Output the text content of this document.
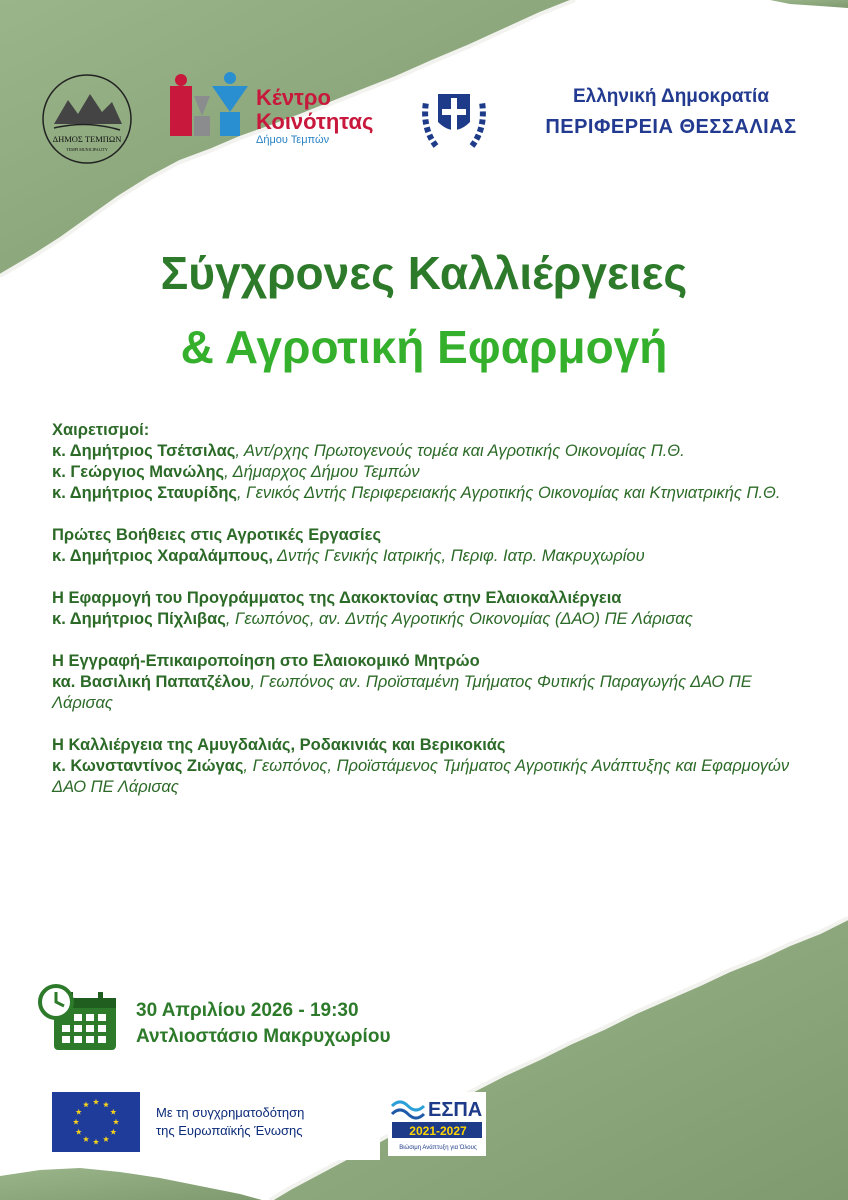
ΔΗΜΟΣ ΤΕΜΠΩΝ
TEMPI MUNICIPALITY
Κέντρο
Κοινότητας
Δήμου Τεμπών
Ελληνική Δημοκρατία
ΠΕΡΙΦΕΡΕΙΑ ΘΕΣΣΑΛΙΑΣ
Σύγχρονες Καλλιέργειες
& Αγροτική Εφαρμογή
Χαιρετισμοί:
κ. Δημήτριος Τσέτσιλας, Αντ/ρχης Πρωτογενούς τομέα και Αγροτικής Οικονομίας Π.Θ.
κ. Γεώργιος Μανώλης, Δήμαρχος Δήμου Τεμπών
κ. Δημήτριος Σταυρίδης, Γενικός Δντής Περιφερειακής Αγροτικής Οικονομίας και Κτηνιατρικής Π.Θ.
Πρώτες Βοήθειες στις Αγροτικές Εργασίες
κ. Δημήτριος Χαραλάμπους, Δντής Γενικής Ιατρικής, Περιφ. Ιατρ. Μακρυχωρίου
Η Εφαρμογή του Προγράμματος της Δακοκτονίας στην Ελαιοκαλλιέργεια
κ. Δημήτριος Πίχλιβας, Γεωπόνος, αν. Δντής Αγροτικής Οικονομίας (ΔΑΟ) ΠΕ Λάρισας
Η Εγγραφή-Επικαιροποίηση στο Ελαιοκομικό Μητρώο
κα. Βασιλική Παπατζέλου, Γεωπόνος αν. Προϊσταμένη Τμήματος Φυτικής Παραγωγής ΔΑΟ ΠΕ Λάρισας
Η Καλλιέργεια της Αμυγδαλιάς, Ροδακινιάς και Βερικοκιάς
κ. Κωνσταντίνος Ζιώγας, Γεωπόνος, Προϊστάμενος Τμήματος Αγροτικής Ανάπτυξης και Εφαρμογών ΔΑΟ ΠΕ Λάρισας
30 Απριλίου 2026 - 19:30
Αντλιοστάσιο Μακρυχωρίου
Με τη συγχρηματοδότηση
της Ευρωπαϊκής Ένωσης
ΕΣΠΑ
2021-2027
Βιώσιμη Ανάπτυξη για Όλους
